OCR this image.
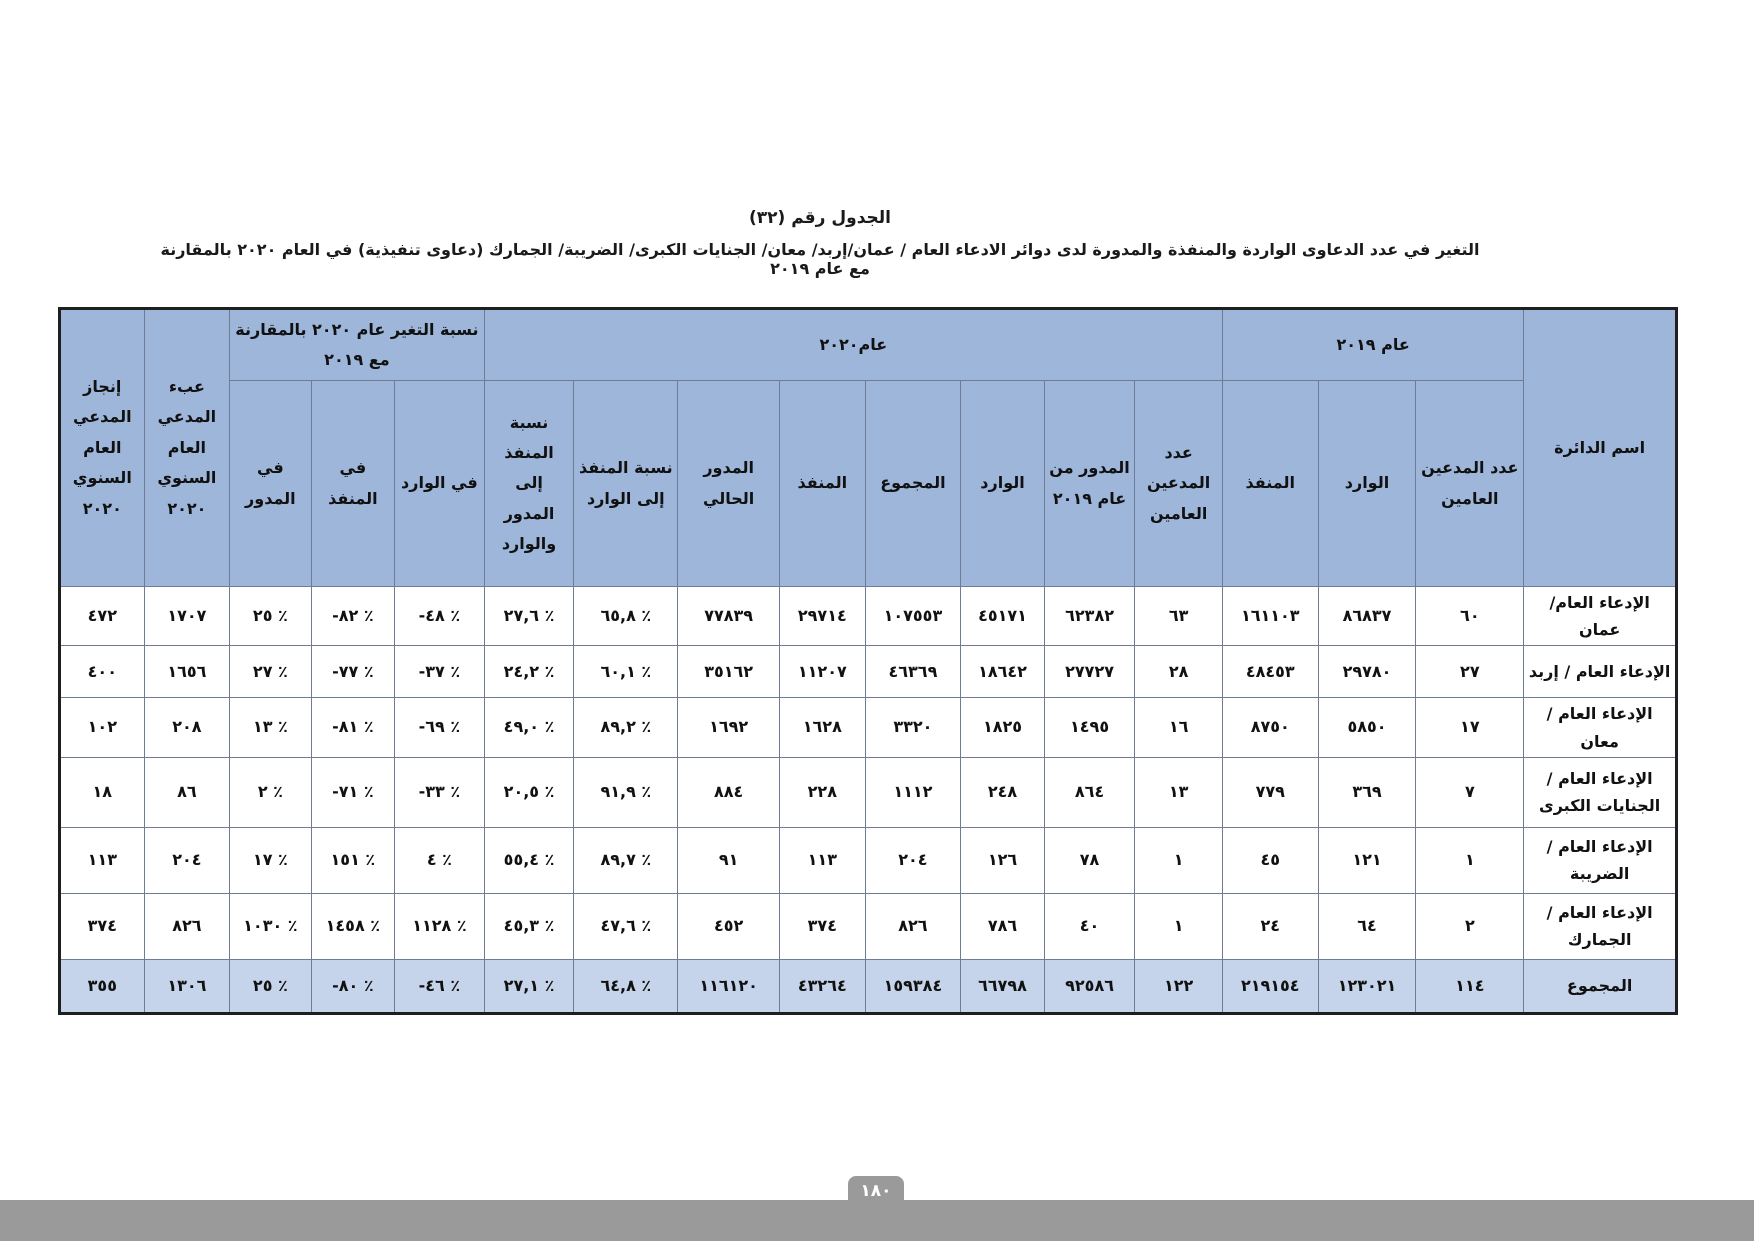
الجدول رقم (٣٢)
التغير في عدد الدعاوى الواردة والمنفذة والمدورة لدى دوائر الادعاء العام / عمان/إربد/ معان/ الجنايات الكبرى/ الضريبة/ الجمارك (دعاوى تنفيذية) في العام ٢٠٢٠ بالمقارنة مع عام ٢٠١٩
اسم الدائرة	عام ٢٠١٩			عام٢٠٢٠								نسبة التغير عام ٢٠٢٠ بالمقارنة مع ٢٠١٩			عبء المدعي العام السنوي ٢٠٢٠	إنجاز المدعي العام السنوي ٢٠٢٠
	عدد المدعين العامين	الوارد	المنفذ	عدد المدعين العامين	المدور من عام ٢٠١٩	الوارد	المجموع	المنفذ	المدور الحالي	نسبة المنفذ إلى الوارد	نسبة المنفذ إلى المدور والوارد	في الوارد	في المنفذ	في المدور		
الإدعاء العام/ عمان	٦٠	٨٦٨٣٧	١٦١١٠٣	٦٣	٦٢٣٨٢	٤٥١٧١	١٠٧٥٥٣	٢٩٧١٤	٧٧٨٣٩	٪ ٦٥,٨	٪ ٢٧,٦	٪ ٤٨-	٪ ٨٢-	٪ ٢٥	١٧٠٧	٤٧٢
الإدعاء العام / إربد	٢٧	٢٩٧٨٠	٤٨٤٥٣	٢٨	٢٧٧٢٧	١٨٦٤٢	٤٦٣٦٩	١١٢٠٧	٣٥١٦٢	٪ ٦٠,١	٪ ٢٤,٢	٪ ٣٧-	٪ ٧٧-	٪ ٢٧	١٦٥٦	٤٠٠
الإدعاء العام / معان	١٧	٥٨٥٠	٨٧٥٠	١٦	١٤٩٥	١٨٢٥	٣٣٢٠	١٦٢٨	١٦٩٢	٪ ٨٩,٢	٪ ٤٩,٠	٪ ٦٩-	٪ ٨١-	٪ ١٣	٢٠٨	١٠٢
الإدعاء العام / الجنايات الكبرى	٧	٣٦٩	٧٧٩	١٣	٨٦٤	٢٤٨	١١١٢	٢٢٨	٨٨٤	٪ ٩١,٩	٪ ٢٠,٥	٪ ٣٣-	٪ ٧١-	٪ ٢	٨٦	١٨
الإدعاء العام /الضريبة	١	١٢١	٤٥	١	٧٨	١٢٦	٢٠٤	١١٣	٩١	٪ ٨٩,٧	٪ ٥٥,٤	٪ ٤	٪ ١٥١	٪ ١٧	٢٠٤	١١٣
الإدعاء العام / الجمارك	٢	٦٤	٢٤	١	٤٠	٧٨٦	٨٢٦	٣٧٤	٤٥٢	٪ ٤٧,٦	٪ ٤٥,٣	٪ ١١٢٨	٪ ١٤٥٨	٪ ١٠٣٠	٨٢٦	٣٧٤
المجموع	١١٤	١٢٣٠٢١	٢١٩١٥٤	١٢٢	٩٢٥٨٦	٦٦٧٩٨	١٥٩٣٨٤	٤٣٢٦٤	١١٦١٢٠	٪ ٦٤,٨	٪ ٢٧,١	٪ ٤٦-	٪ ٨٠-	٪ ٢٥	١٣٠٦	٣٥٥
١٨٠
